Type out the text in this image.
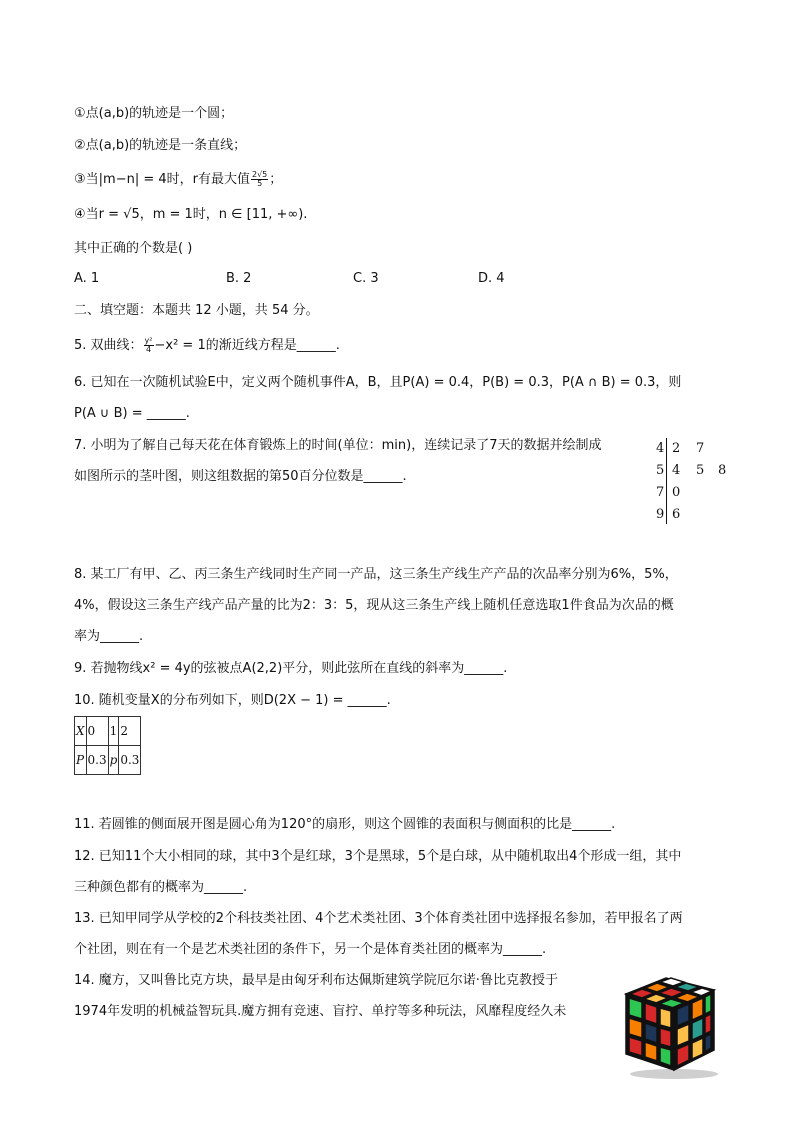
①点(a,b)的轨迹是一个圆；
②点(a,b)的轨迹是一条直线；
③当|m−n| = 4时，r有最大值 $\frac{2√5}{5}$ ；
④当r = √5，m = 1时，n ∈ [11, +∞).
其中正确的个数是( )
A. 1	B. 2	C. 3	D. 4
二、填空题：本题共 12 小题，共 54 分。
5. 双曲线： $\frac{\text{y²}}{4} -x^2 = 1$的渐近线方程是______.
6. 已知在一次随机试验E中，定义两个随机事件A，B，且P(A) = 0.4，P(B) = 0.3，P(A ∩ B) = 0.3，则
P(A ∪ B) = ______.
7. 小明为了解自己每天花在体育锻炼上的时间(单位：min)，连续记录了7天的数据并绘制成
如图所示的茎叶图，则这组数据的第50百分位数是______.
4 2	7
5 4	5	8
7 0
9 6
8. 某工厂有甲、乙、丙三条生产线同时生产同一产品，这三条生产线生产产品的次品率分别为6%，5%，
4%，假设这三条生产线产品产量的比为2：3：5，现从这三条生产线上随机任意选取1件食品为次品的概
率为______.
9. 若抛物线x² = 4y的弦被点A(2,2)平分，则此弦所在直线的斜率为______.
10. 随机变量X的分布列如下，则D(2X − 1) = ______.
X	0	1	2
P	0.3	p	0.3
11. 若圆锥的侧面展开图是圆心角为120°的扇形，则这个圆锥的表面积与侧面积的比是______.
12. 已知11个大小相同的球，其中3个是红球，3个是黑球，5个是白球，从中随机取出4个形成一组，其中
三种颜色都有的概率为______.
13. 已知甲同学从学校的2个科技类社团、4个艺术类社团、3个体育类社团中选择报名参加，若甲报名了两
个社团，则在有一个是艺术类社团的条件下，另一个是体育类社团的概率为______.
14. 魔方，又叫鲁比克方块，最早是由匈牙利布达佩斯建筑学院厄尔诺·鲁比克教授于
1974年发明的机械益智玩具.魔方拥有竞速、盲拧、单拧等多种玩法，风靡程度经久未
